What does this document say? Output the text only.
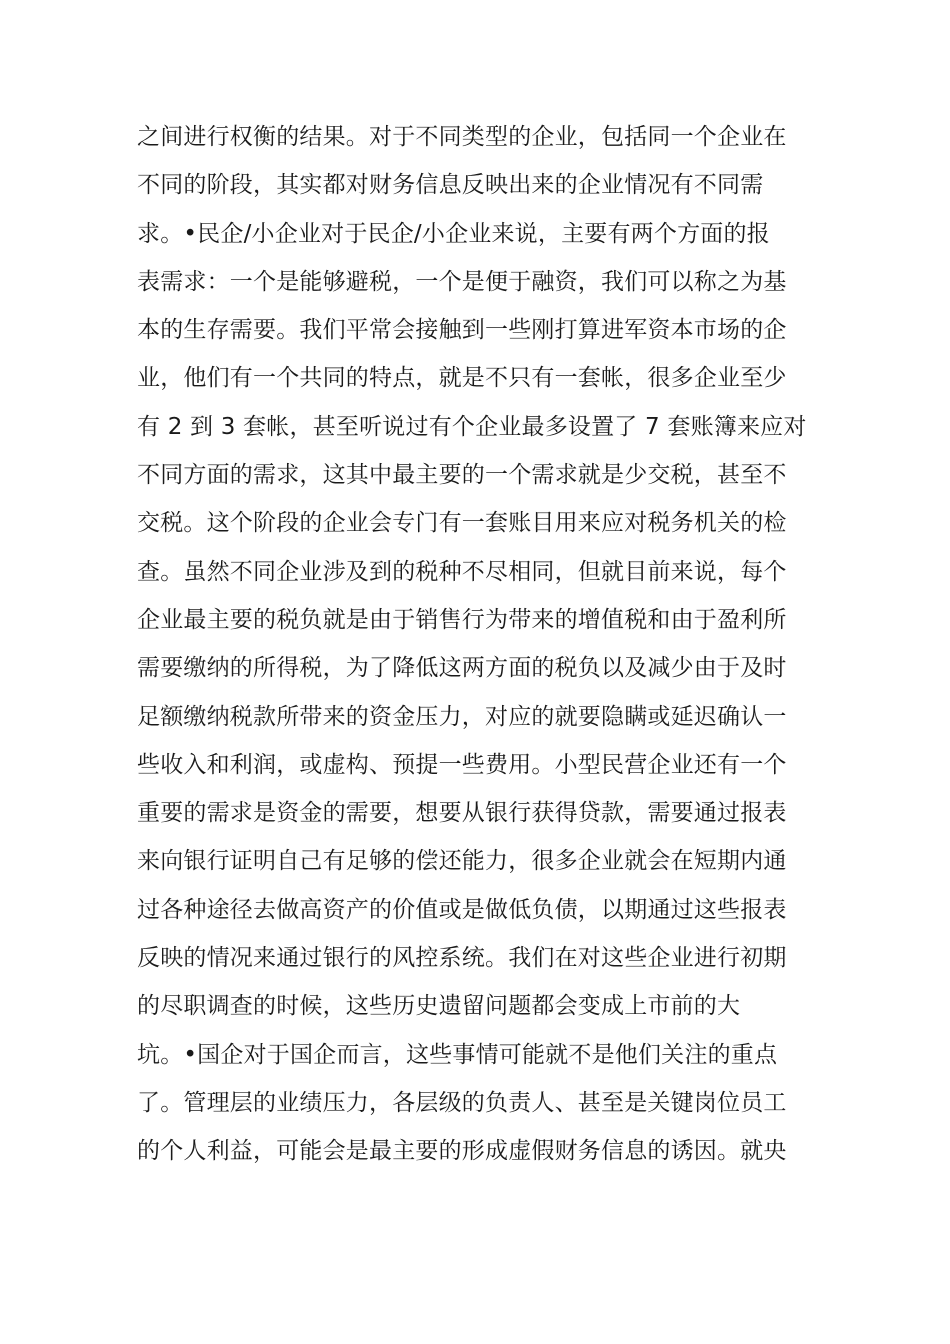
之间进行权衡的结果。对于不同类型的企业，包括同一个企业在
不同的阶段，其实都对财务信息反映出来的企业情况有不同需
求。•民企/小企业对于民企/小企业来说，主要有两个方面的报
表需求：一个是能够避税，一个是便于融资，我们可以称之为基
本的生存需要。我们平常会接触到一些刚打算进军资本市场的企
业，他们有一个共同的特点，就是不只有一套帐，很多企业至少
有 2 到 3 套帐，甚至听说过有个企业最多设置了 7 套账簿来应对
不同方面的需求，这其中最主要的一个需求就是少交税，甚至不
交税。这个阶段的企业会专门有一套账目用来应对税务机关的检
查。虽然不同企业涉及到的税种不尽相同，但就目前来说，每个
企业最主要的税负就是由于销售行为带来的增值税和由于盈利所
需要缴纳的所得税，为了降低这两方面的税负以及减少由于及时
足额缴纳税款所带来的资金压力，对应的就要隐瞒或延迟确认一
些收入和利润，或虚构、预提一些费用。小型民营企业还有一个
重要的需求是资金的需要，想要从银行获得贷款，需要通过报表
来向银行证明自己有足够的偿还能力，很多企业就会在短期内通
过各种途径去做高资产的价值或是做低负债，以期通过这些报表
反映的情况来通过银行的风控系统。我们在对这些企业进行初期
的尽职调查的时候，这些历史遗留问题都会变成上市前的大
坑。•国企对于国企而言，这些事情可能就不是他们关注的重点
了。管理层的业绩压力，各层级的负责人、甚至是关键岗位员工
的个人利益，可能会是最主要的形成虚假财务信息的诱因。就央
